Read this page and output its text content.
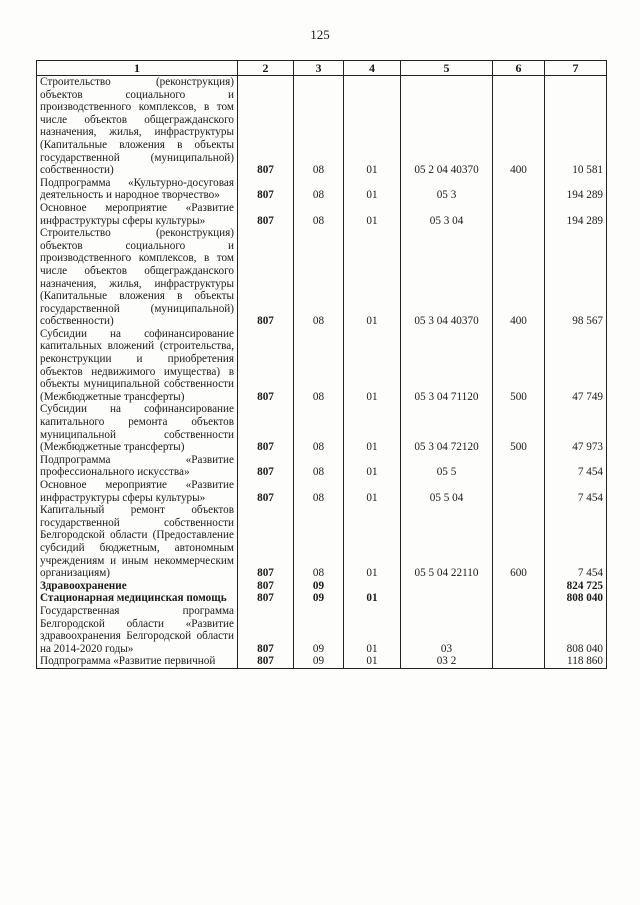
125
1	2	3	4	5	6	7
Строительство (реконструкция) объектов социального и производственного комплексов, в том числе объектов общегражданского назначения, жилья, инфраструктуры (Капитальные вложения в объекты государственной (муниципальной) собственности)	807	08	01	05 2 04 40370	400	10 581
Подпрограмма «Культурно-досуговая деятельность и народное творчество»	807	08	01	05 3		194 289
Основное мероприятие «Развитие инфраструктуры сферы культуры»	807	08	01	05 3 04		194 289
Строительство (реконструкция) объектов социального и производственного комплексов, в том числе объектов общегражданского назначения, жилья, инфраструктуры (Капитальные вложения в объекты государственной (муниципальной) собственности)	807	08	01	05 3 04 40370	400	98 567
Субсидии на софинансирование капитальных вложений (строительства, реконструкции и приобретения объектов недвижимого имущества) в объекты муниципальной собственности (Межбюджетные трансферты)	807	08	01	05 3 04 71120	500	47 749
Субсидии на софинансирование капитального ремонта объектов муниципальной собственности (Межбюджетные трансферты)	807	08	01	05 3 04 72120	500	47 973
Подпрограмма «Развитие профессионального искусства»	807	08	01	05 5		7 454
Основное мероприятие «Развитие инфраструктуры сферы культуры»	807	08	01	05 5 04		7 454
Капитальный ремонт объектов государственной собственности Белгородской области (Предоставление субсидий бюджетным, автономным учреждениям и иным некоммерческим организациям)	807	08	01	05 5 04 22110	600	7 454
Здравоохранение	807	09				824 725
Стационарная медицинская помощь	807	09	01			808 040
Государственная программа Белгородской области «Развитие здравоохранения Белгородской области на 2014-2020 годы»	807	09	01	03		808 040
Подпрограмма «Развитие первичной	807	09	01	03 2		118 860
